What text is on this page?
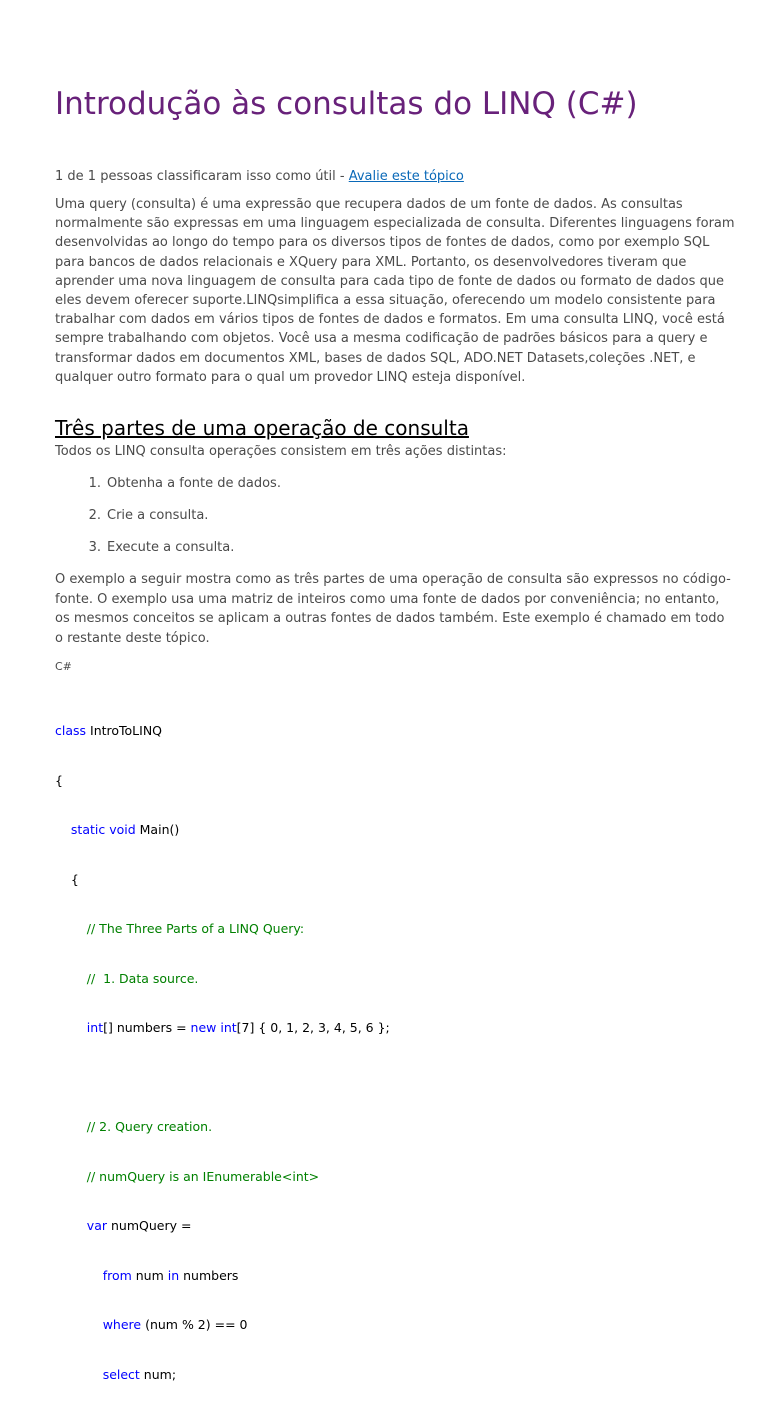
Introdução às consultas do LINQ (C#)
1 de 1 pessoas classificaram isso como útil - Avalie este tópico

Uma query (consulta) é uma expressão que recupera dados de um fonte de dados. As consultas normalmente são expressas em uma linguagem especializada de consulta. Diferentes linguagens foram desenvolvidas ao longo do tempo para os diversos tipos de fontes de dados, como por exemplo SQL para bancos de dados relacionais e XQuery para XML. Portanto, os desenvolvedores tiveram que aprender uma nova linguagem de consulta para cada tipo de fonte de dados ou formato de dados que eles devem oferecer suporte.LINQsimplifica a essa situação, oferecendo um modelo consistente para trabalhar com dados em vários tipos de fontes de dados e formatos. Em uma consulta LINQ, você está sempre trabalhando com objetos. Você usa a mesma codificação de padrões básicos para a query e transformar dados em documentos XML, bases de dados SQL, ADO.NET Datasets,coleções .NET, e qualquer outro formato para o qual um provedor LINQ esteja disponível.

Três partes de uma operação de consulta
Todos os LINQ consulta operações consistem em três ações distintas:
1. Obtenha a fonte de dados.
2. Crie a consulta.
3. Execute a consulta.

O exemplo a seguir mostra como as três partes de uma operação de consulta são expressos no código-fonte. O exemplo usa uma matriz de inteiros como uma fonte de dados por conveniência; no entanto, os mesmos conceitos se aplicam a outras fontes de dados também. Este exemplo é chamado em todo o restante deste tópico.

C#

class IntroToLINQ

{

static void Main()

{

// The Three Parts of a LINQ Query:

//  1. Data source.

int[] numbers = new int[7] { 0, 1, 2, 3, 4, 5, 6 };

// 2. Query creation.

// numQuery is an IEnumerable<int>

var numQuery =

from num in numbers

where (num % 2) == 0

select num;
